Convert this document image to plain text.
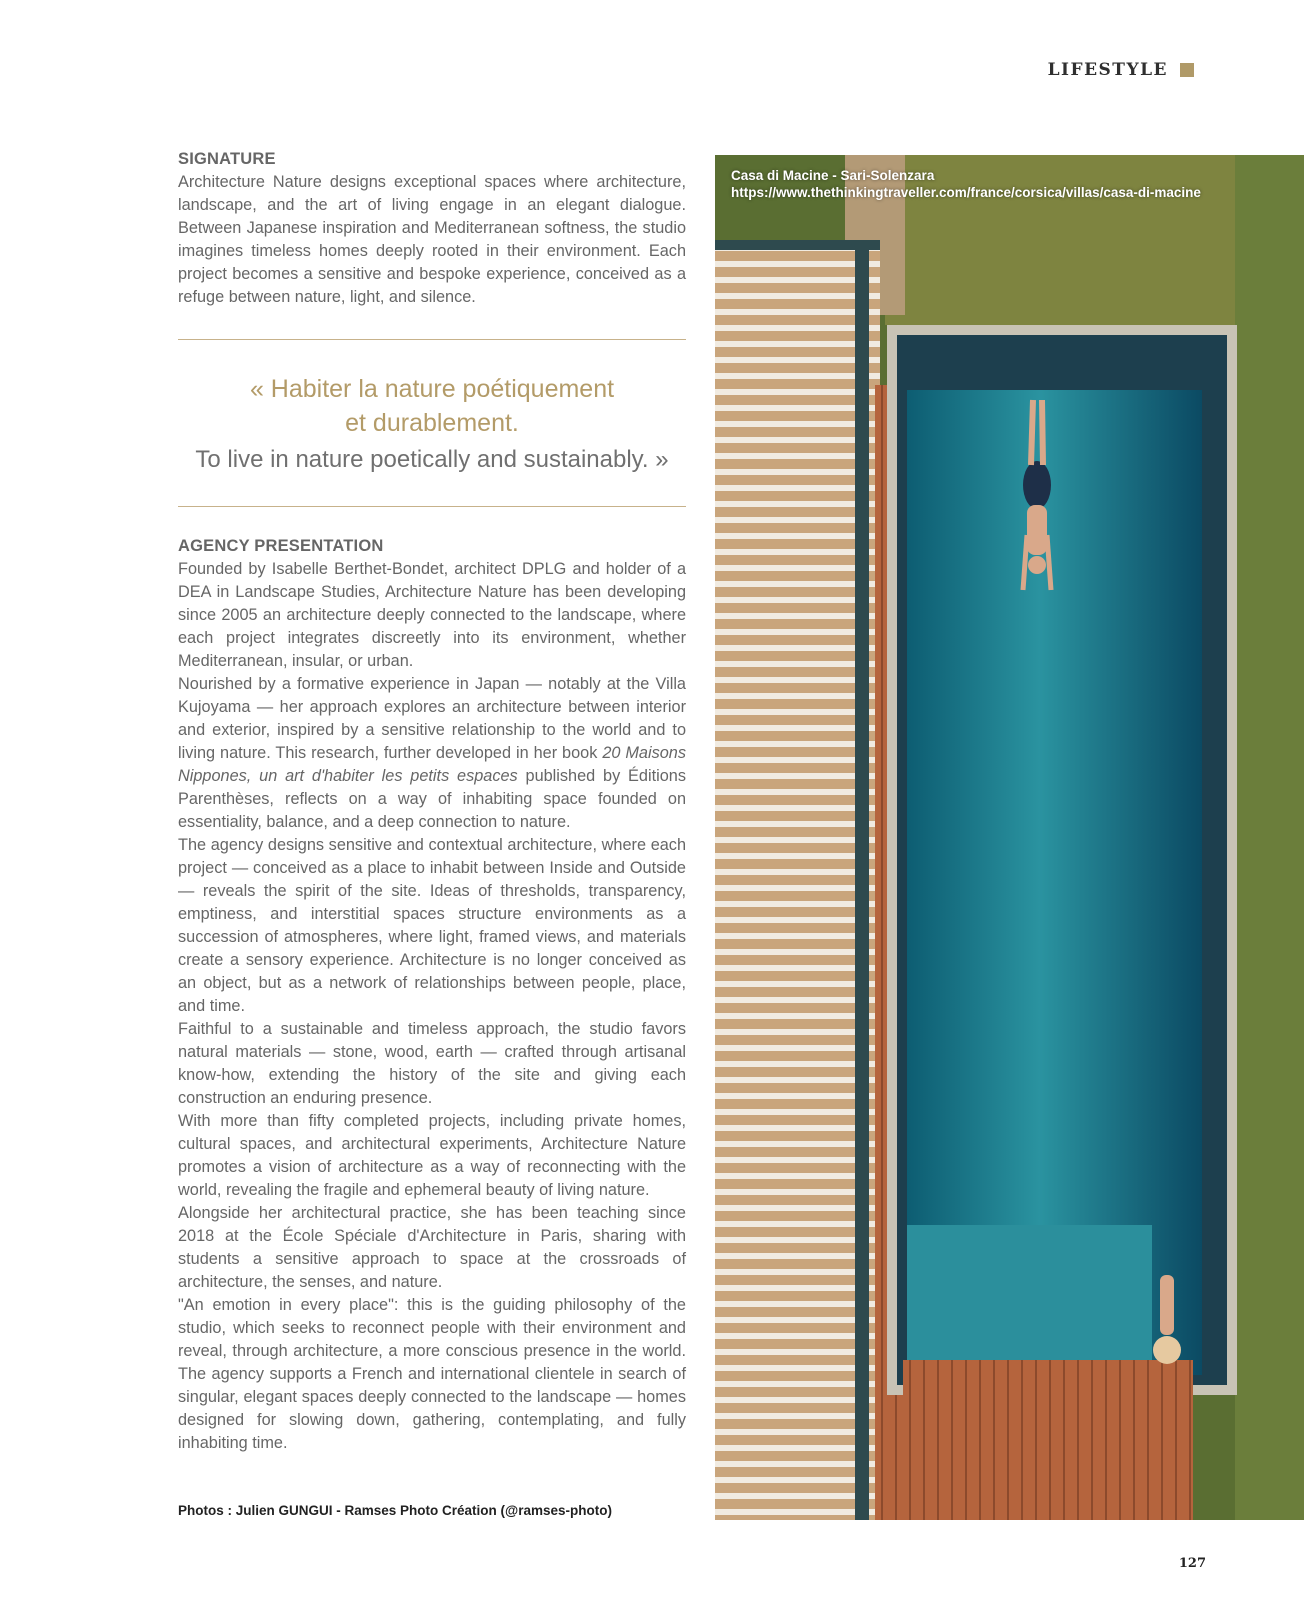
LIFESTYLE
SIGNATURE

Architecture Nature designs exceptional spaces where architecture, landscape, and the art of living engage in an elegant dialogue. Between Japanese inspiration and Mediterranean softness, the studio imagines timeless homes deeply rooted in their environment. Each project becomes a sensitive and bespoke experience, conceived as a refuge between nature, light, and silence.

« Habiter la nature poétiquement
et durablement.
To live in nature poetically and sustainably. »
AGENCY PRESENTATION

Founded by Isabelle Berthet-Bondet, architect DPLG and holder of a DEA in Landscape Studies, Architecture Nature has been developing since 2005 an architecture deeply connected to the landscape, where each project integrates discreetly into its environment, whether Mediterranean, insular, or urban.

Nourished by a formative experience in Japan — notably at the Villa Kujoyama — her approach explores an architecture between interior and exterior, inspired by a sensitive relationship to the world and to living nature. This research, further developed in her book 20 Maisons Nippones, un art d'habiter les petits espaces published by Éditions Parenthèses, reflects on a way of inhabiting space founded on essentiality, balance, and a deep connection to nature.

The agency designs sensitive and contextual architecture, where each project — conceived as a place to inhabit between Inside and Outside — reveals the spirit of the site. Ideas of thresholds, transparency, emptiness, and interstitial spaces structure environments as a succession of atmospheres, where light, framed views, and materials create a sensory experience. Architecture is no longer conceived as an object, but as a network of relationships between people, place, and time.

Faithful to a sustainable and timeless approach, the studio favors natural materials — stone, wood, earth — crafted through artisanal know-how, extending the history of the site and giving each construction an enduring presence.

With more than fifty completed projects, including private homes, cultural spaces, and architectural experiments, Architecture Nature promotes a vision of architecture as a way of reconnecting with the world, revealing the fragile and ephemeral beauty of living nature.

Alongside her architectural practice, she has been teaching since 2018 at the École Spéciale d'Architecture in Paris, sharing with students a sensitive approach to space at the crossroads of architecture, the senses, and nature.

"An emotion in every place": this is the guiding philosophy of the studio, which seeks to reconnect people with their environment and reveal, through architecture, a more conscious presence in the world. The agency supports a French and international clientele in search of singular, elegant spaces deeply connected to the landscape — homes designed for slowing down, gathering, contemplating, and fully inhabiting time.

Photos : Julien GUNGUI - Ramses Photo Création (@ramses-photo)
Casa di Macine - Sari-Solenzara
https://www.thethinkingtraveller.com/france/corsica/villas/casa-di-macine
127
